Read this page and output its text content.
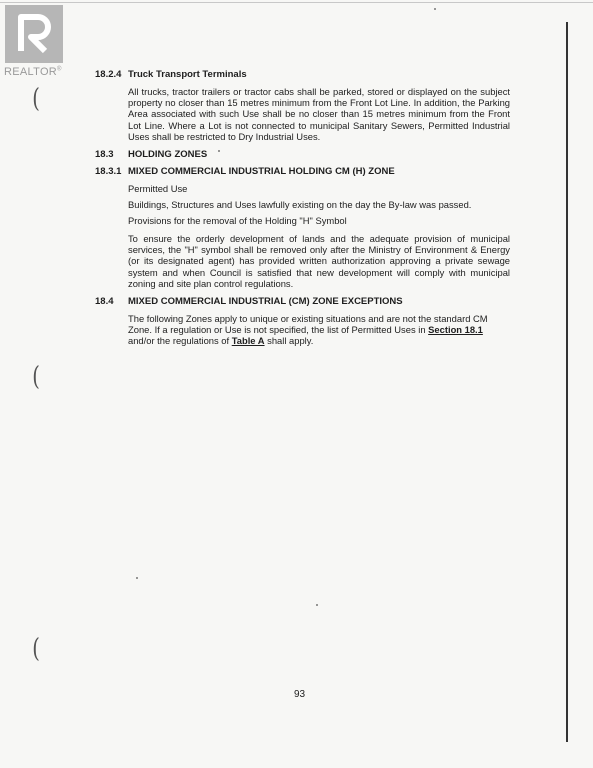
REALTOR®
(
(
(
18.2.4 Truck Transport Terminals
All trucks, tractor trailers or tractor cabs shall be parked, stored or displayed on the subject property no closer than 15 metres minimum from the Front Lot Line. In addition, the Parking Area associated with such Use shall be no closer than 15 metres minimum from the Front Lot Line. Where a Lot is not connected to municipal Sanitary Sewers, Permitted Industrial Uses shall be restricted to Dry Industrial Uses.
18.3 HOLDING ZONES
18.3.1 MIXED COMMERCIAL INDUSTRIAL HOLDING CM (H) ZONE
Permitted Use
Buildings, Structures and Uses lawfully existing on the day the By-law was passed.
Provisions for the removal of the Holding "H" Symbol
To ensure the orderly development of lands and the adequate provision of municipal services, the "H" symbol shall be removed only after the Ministry of Environment & Energy (or its designated agent) has provided written authorization approving a private sewage system and when Council is satisfied that new development will comply with municipal zoning and site plan control regulations.
18.4 MIXED COMMERCIAL INDUSTRIAL (CM) ZONE EXCEPTIONS
The following Zones apply to unique or existing situations and are not the standard CM Zone. If a regulation or Use is not specified, the list of Permitted Uses in Section 18.1 and/or the regulations of Table A shall apply.
93
